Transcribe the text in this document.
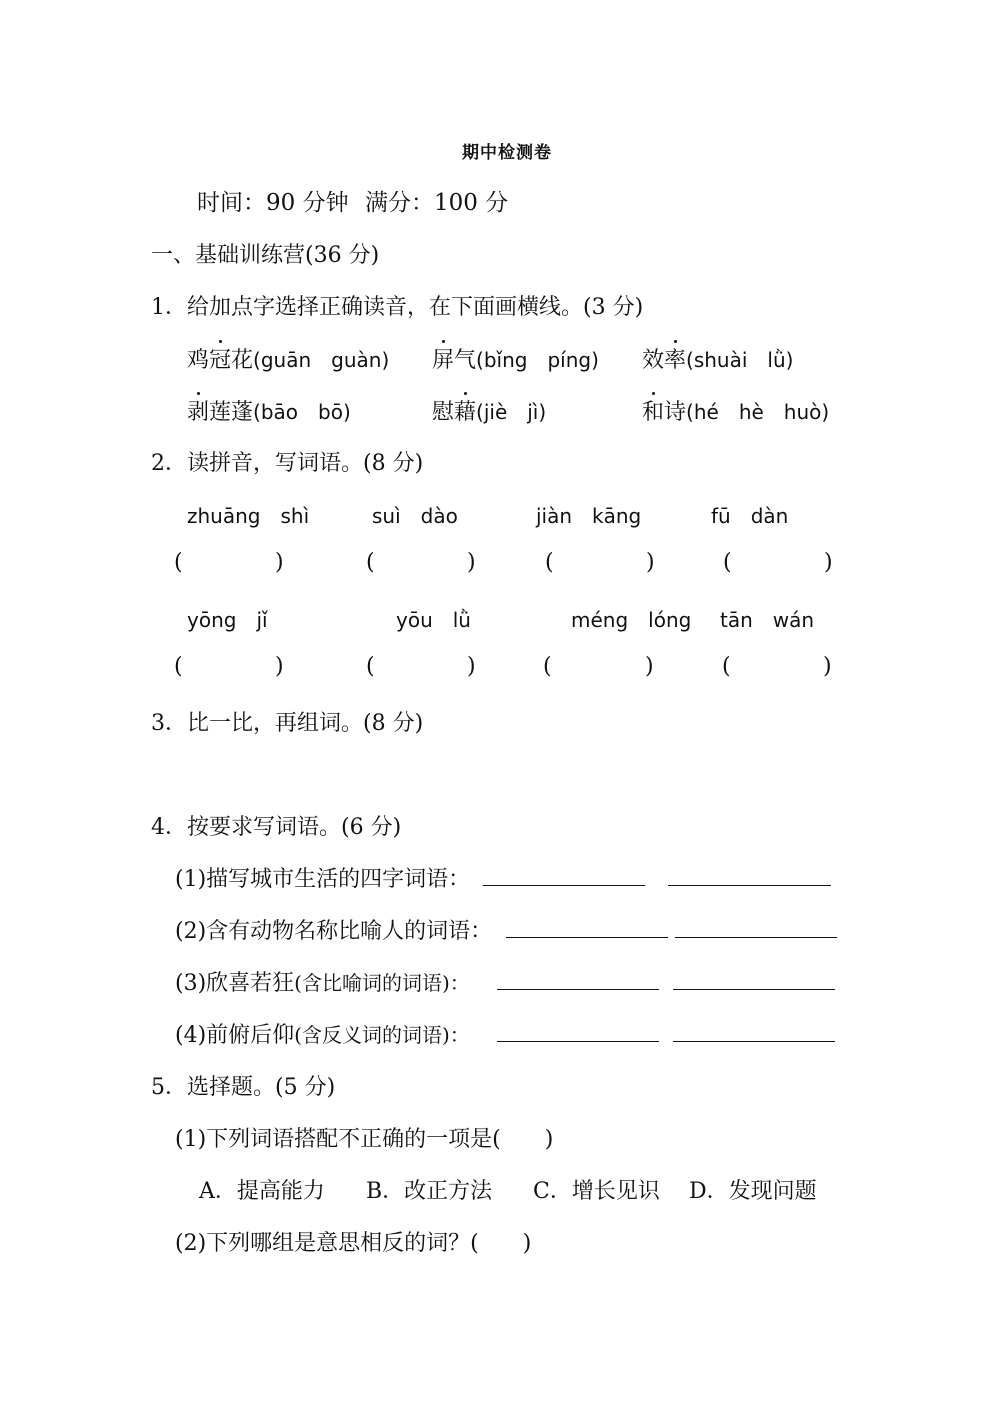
期中检测卷
时间：90 分钟 满分：100 分
一、基础训练营(36 分)
1．给加点字选择正确读音，在下面画横线。(3 分)
鸡冠花(guān　guàn) 屏气(bǐng　píng) 效率(shuài　lǜ)
剥莲蓬(bāo　bō)	慰藉(jiè　jì)	和诗(hé　hè　huò)
2．读拼音，写词语。(8 分)
zhuāng　shì	suì　dào	jiàn　kāng	fū　dàn
(	)	(	)	(	)	(	)
yōng　jǐ	yōu　lǜ	méng　lóng tān　wán
(	)	(	)	(	)	(	)
3．比一比，再组词。(8 分)
4．按要求写词语。(6 分)
(1)描写城市生活的四字词语：
(2)含有动物名称比喻人的词语：
(3)欣喜若狂(含比喻词的词语)：
(4)前俯后仰(含反义词的词语)：
5．选择题。(5 分)
(1)下列词语搭配不正确的一项是(　　)
A．提高能力 B．改正方法 C．增长见识 D．发现问题
(2)下列哪组是意思相反的词？(　　)
